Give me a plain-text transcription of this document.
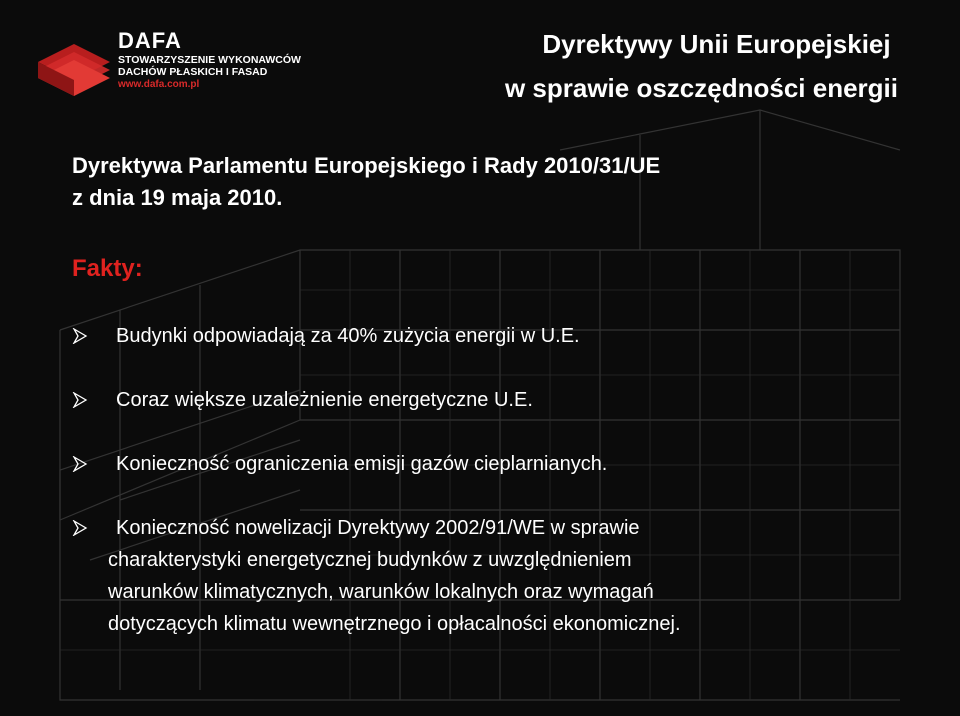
DAFA
STOWARZYSZENIE WYKONAWCÓW
DACHÓW PŁASKICH I FASAD
www.dafa.com.pl
Dyrektywy Unii Europejskiej
w sprawie oszczędności energii
Dyrektywa Parlamentu Europejskiego i Rady 2010/31/UE
z dnia 19 maja 2010.
Fakty:
Budynki odpowiadają za 40% zużycia energii w U.E.
Coraz większe uzależnienie energetyczne U.E.
Konieczność ograniczenia emisji gazów cieplarnianych.
Konieczność nowelizacji Dyrektywy 2002/91/WE w sprawie
charakterystyki energetycznej budynków z uwzględnieniem
warunków klimatycznych, warunków lokalnych oraz wymagań
dotyczących klimatu wewnętrznego i opłacalności ekonomicznej.
